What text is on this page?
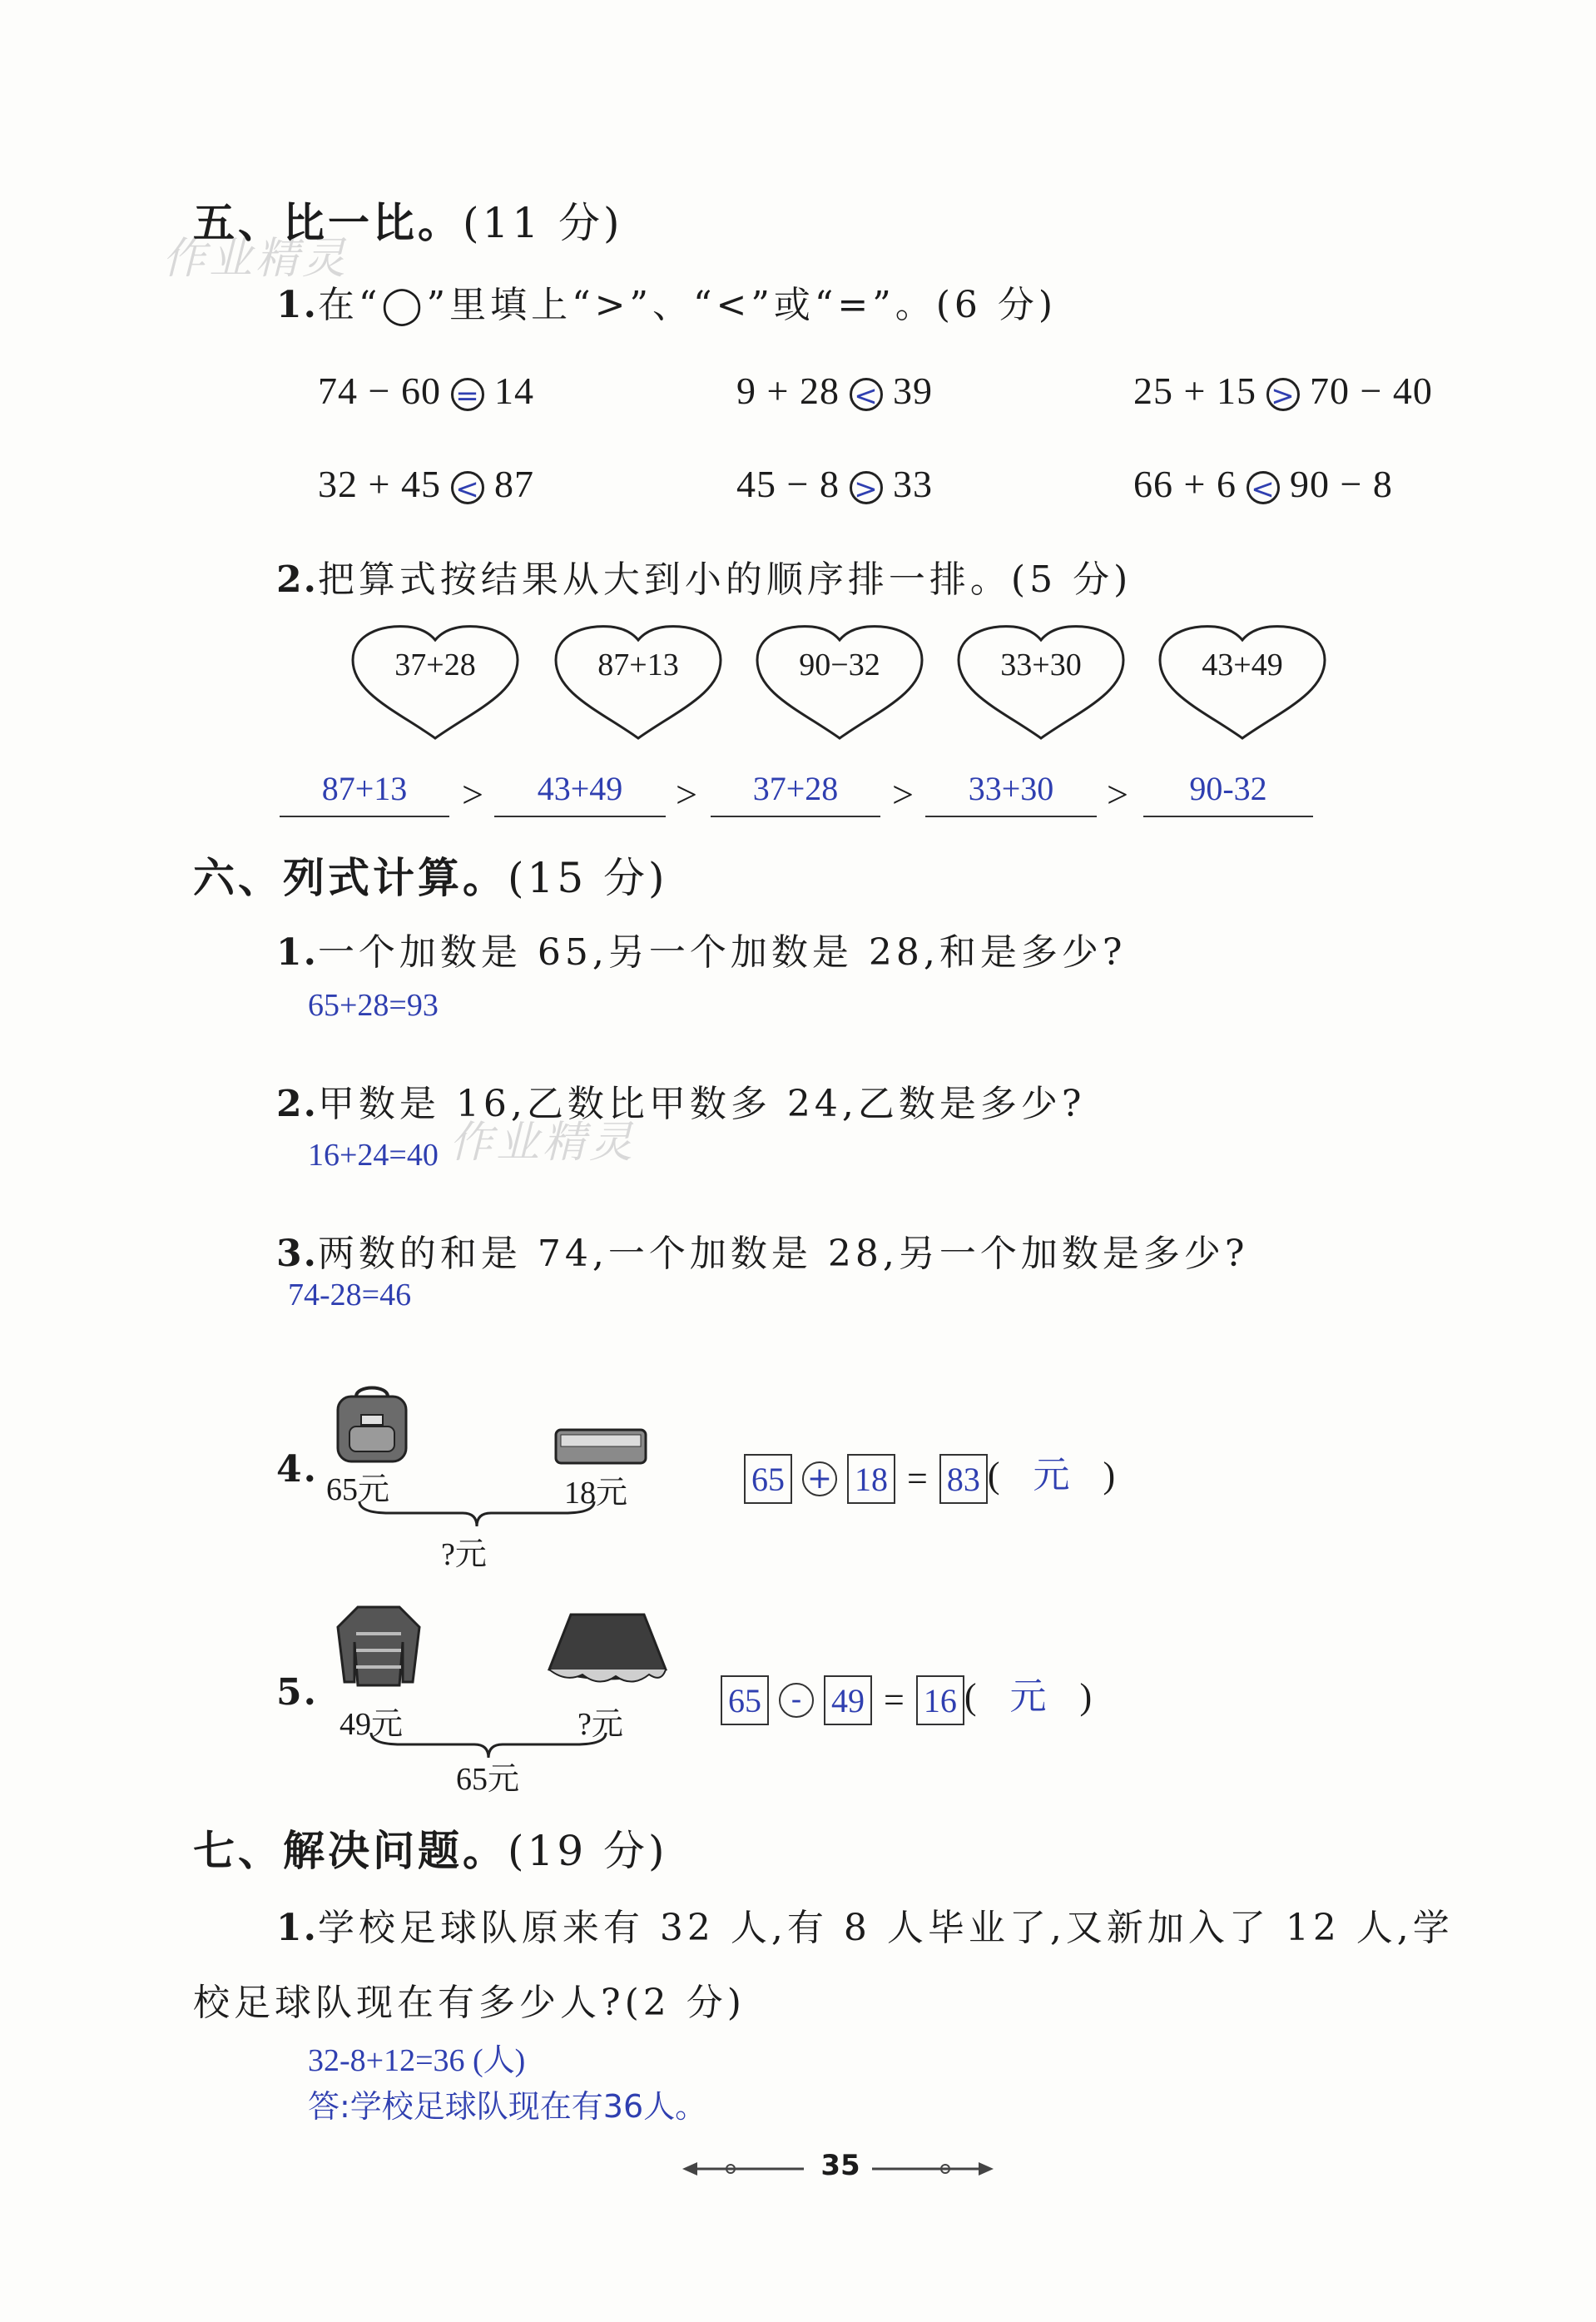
作业精灵
作业精灵
五、比一比。(11 分)
1.在“◯”里填上“>”、“<”或“=”。(6 分)
74 − 60 = 14	9 + 28 < 39	25 + 15 > 70 − 40
32 + 45 < 87	45 − 8 > 33	66 + 6 < 90 − 8
2.把算式按结果从大到小的顺序排一排。(5 分)
37+28	87+13	90−32	33+30	43+49
87+13	>	43+49	>	37+28	>	33+30	>	90-32
六、列式计算。(15 分)
1.一个加数是 65,另一个加数是 28,和是多少?
65+28=93
2.甲数是 16,乙数比甲数多 24,乙数是多少?
16+24=40
3.两数的和是 74,一个加数是 28,另一个加数是多少?
74-28=46
4. 65元	18元
?元
65 + 18 = 83 ( 元 )
5.
49元	?元
65元
65 - 49 = 16 ( 元 )
七、解决问题。(19 分)
1.学校足球队原来有 32 人,有 8 人毕业了,又新加入了 12 人,学
校足球队现在有多少人?(2 分)
32-8+12=36 (人)
答:学校足球队现在有36人。
35
